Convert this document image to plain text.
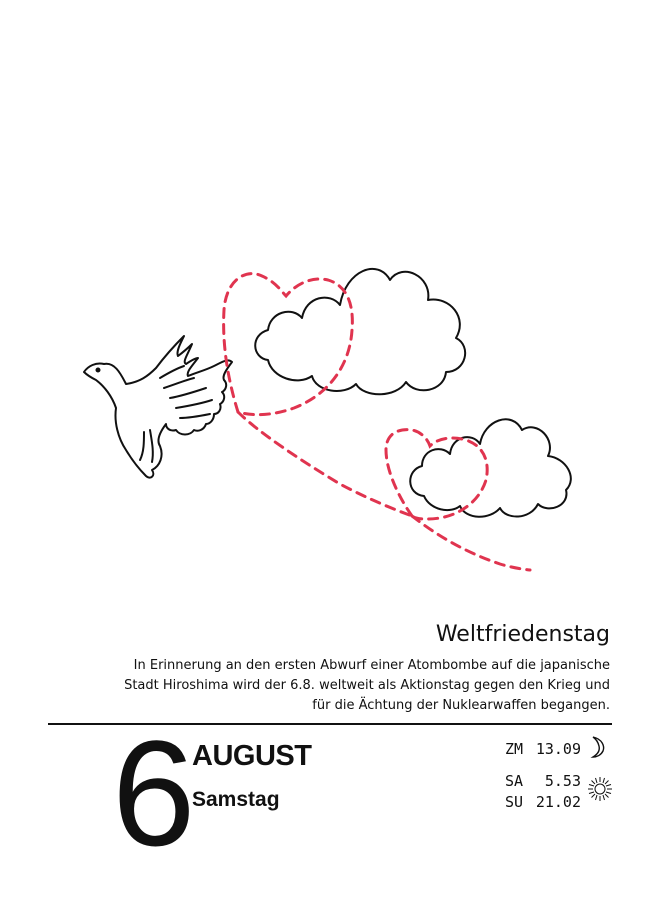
Weltfriedenstag

In Erinnerung an den ersten Abwurf einer Atombombe auf die japanische
Stadt Hiroshima wird der 6.8. weltweit als Aktionstag gegen den Krieg und
für die Ächtung der Nuklearwaffen begangen.

6 AUGUST
Samstag
ZM 13.09
SA	5.53
SU 21.02
